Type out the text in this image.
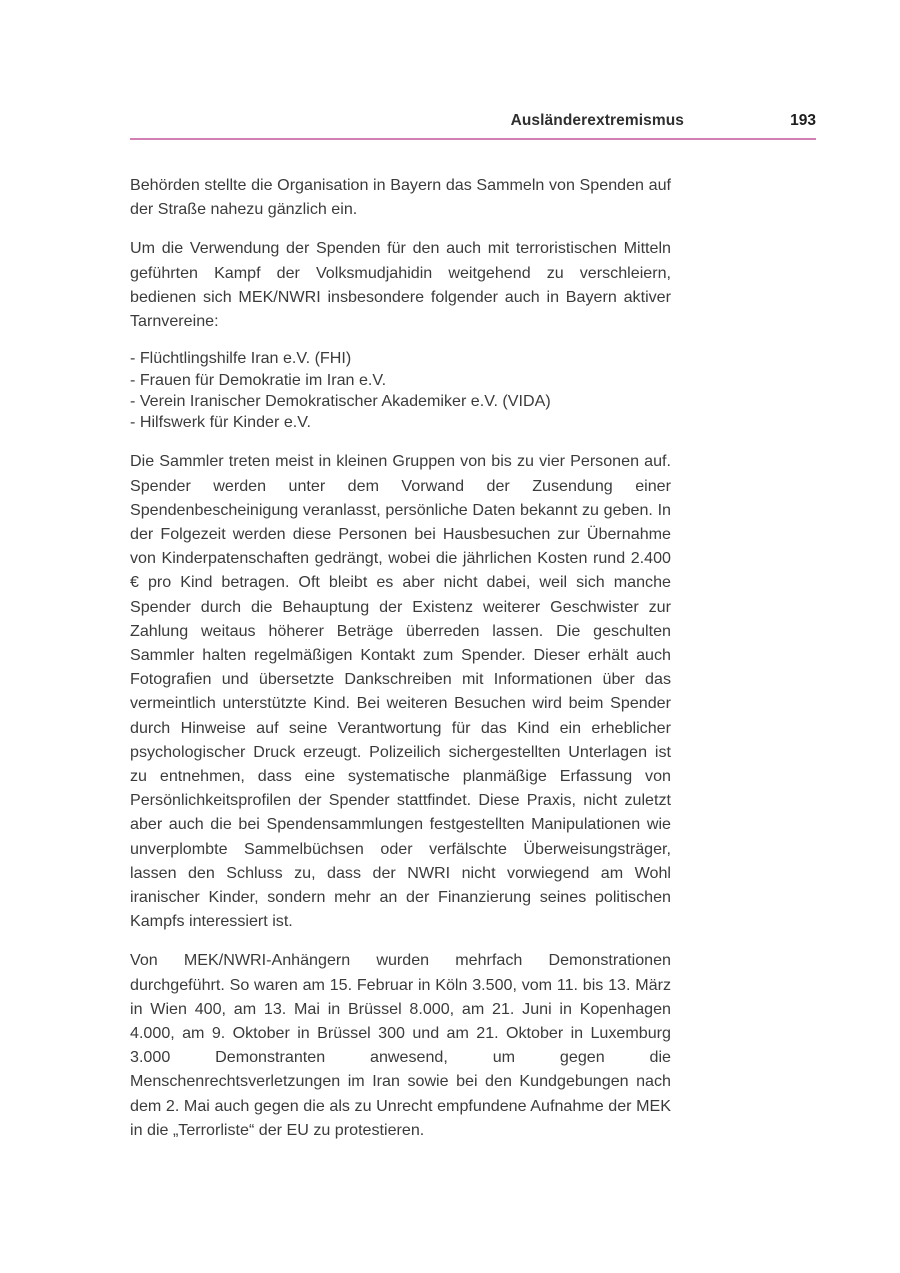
Ausländerextremismus	193

Behörden stellte die Organisation in Bayern das Sammeln von Spenden auf der Straße nahezu gänzlich ein.

Um die Verwendung der Spenden für den auch mit terroristischen Mitteln geführten Kampf der Volksmudjahidin weitgehend zu verschleiern, bedienen sich MEK/NWRI insbesondere folgender auch in Bayern aktiver Tarnvereine:

- Flüchtlingshilfe Iran e.V. (FHI)
- Frauen für Demokratie im Iran e.V.
- Verein Iranischer Demokratischer Akademiker e.V. (VIDA)
- Hilfswerk für Kinder e.V.

Die Sammler treten meist in kleinen Gruppen von bis zu vier Personen auf. Spender werden unter dem Vorwand der Zusendung einer Spendenbescheinigung veranlasst, persönliche Daten bekannt zu geben. In der Folgezeit werden diese Personen bei Hausbesuchen zur Übernahme von Kinderpatenschaften gedrängt, wobei die jährlichen Kosten rund 2.400 € pro Kind betragen. Oft bleibt es aber nicht dabei, weil sich manche Spender durch die Behauptung der Existenz weiterer Geschwister zur Zahlung weitaus höherer Beträge überreden lassen. Die geschulten Sammler halten regelmäßigen Kontakt zum Spender. Dieser erhält auch Fotografien und übersetzte Dankschreiben mit Informationen über das vermeintlich unterstützte Kind. Bei weiteren Besuchen wird beim Spender durch Hinweise auf seine Verantwortung für das Kind ein erheblicher psychologischer Druck erzeugt. Polizeilich sichergestellten Unterlagen ist zu entnehmen, dass eine systematische planmäßige Erfassung von Persönlichkeitsprofilen der Spender stattfindet. Diese Praxis, nicht zuletzt aber auch die bei Spendensammlungen festgestellten Manipulationen wie unverplombte Sammelbüchsen oder verfälschte Überweisungsträger, lassen den Schluss zu, dass der NWRI nicht vorwiegend am Wohl iranischer Kinder, sondern mehr an der Finanzierung seines politischen Kampfs interessiert ist.

Von MEK/NWRI-Anhängern wurden mehrfach Demonstrationen durchgeführt. So waren am 15. Februar in Köln 3.500, vom 11. bis 13. März in Wien 400, am 13. Mai in Brüssel 8.000, am 21. Juni in Kopenhagen 4.000, am 9. Oktober in Brüssel 300 und am 21. Oktober in Luxemburg 3.000 Demonstranten anwesend, um gegen die Menschenrechtsverletzungen im Iran sowie bei den Kundgebungen nach dem 2. Mai auch gegen die als zu Unrecht empfundene Aufnahme der MEK in die „Terrorliste“ der EU zu protestieren.
